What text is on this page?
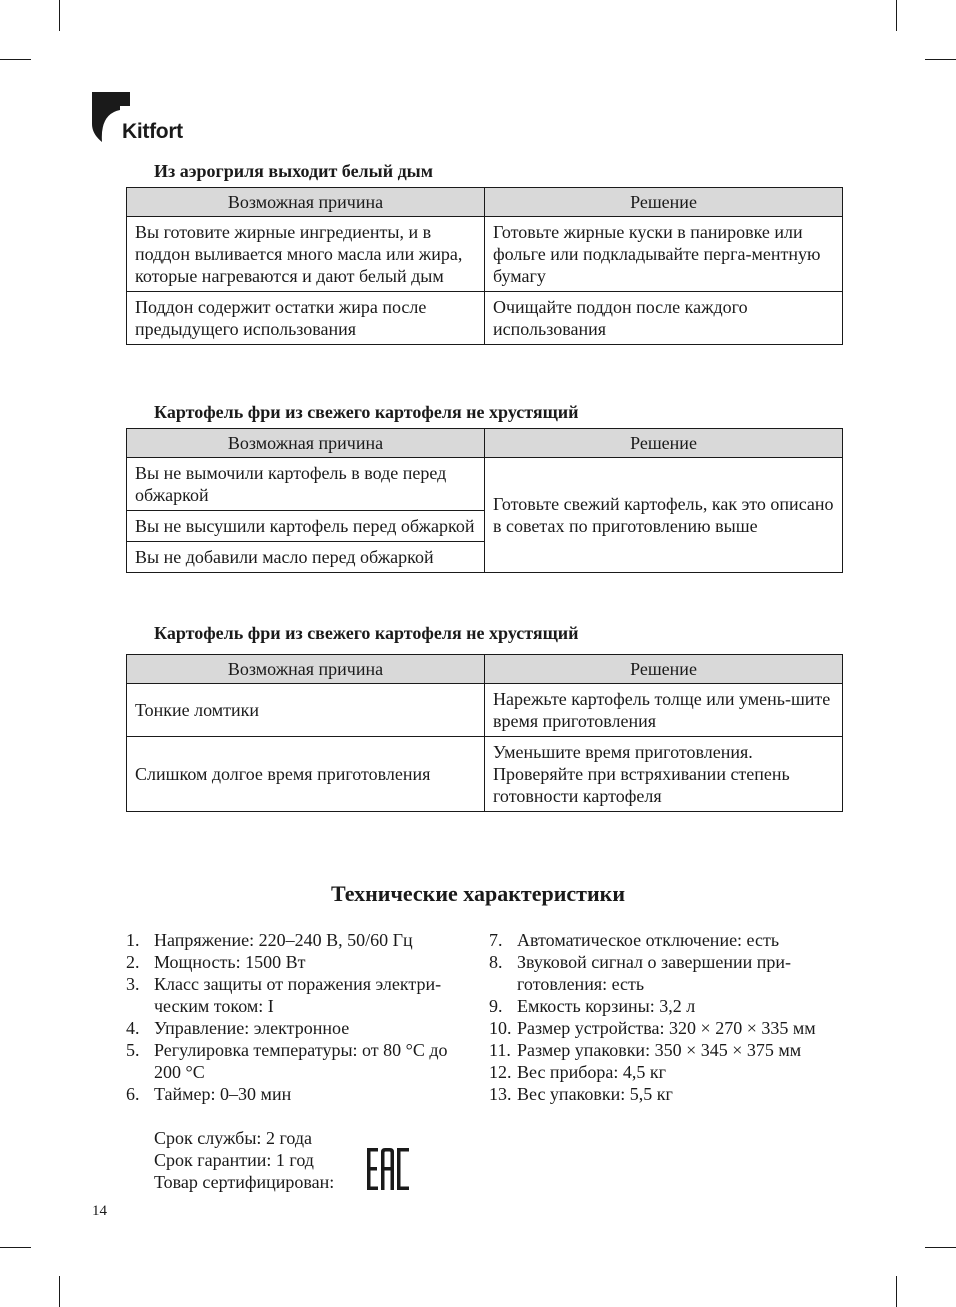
Kitfort
Из аэрогриля выходит белый дым
Возможная причина	Решение
Вы готовите жирные ингредиенты, и в поддон выливается много масла или жира, которые нагреваются и дают белый дым	Готовьте жирные куски в панировке или фольге или подкладывайте перга-ментную бумагу
Поддон содержит остатки жира после предыдущего использования	Очищайте поддон после каждого использования
Картофель фри из свежего картофеля не хрустящий
Возможная причина	Решение
Вы не вымочили картофель в воде перед обжаркой	Готовьте свежий картофель, как это описано в советах по приготовлению выше
Вы не высушили картофель перед обжаркой	
Вы не добавили масло перед обжаркой	
Картофель фри из свежего картофеля не хрустящий
Возможная причина	Решение
Тонкие ломтики	Нарежьте картофель толще или умень-шите время приготовления
Слишком долгое время приготовления	Уменьшите время приготовления. Проверяйте при встряхивании степень готовности картофеля
Технические характеристики
1. Напряжение: 220–240 В, 50/60 Гц
2. Мощность: 1500 Вт
3. Класс защиты от поражения электри-ческим током: I
4. Управление: электронное
5. Регулировка температуры: от 80 °С до 200 °С
6. Таймер: 0–30 мин
7. Автоматическое отключение: есть
8. Звуковой сигнал о завершении при-готовления: есть
9. Емкость корзины: 3,2 л
10. Размер устройства: 320 × 270 × 335 мм
11. Размер упаковки: 350 × 345 × 375 мм
12. Вес прибора: 4,5 кг
13. Вес упаковки: 5,5 кг
Срок службы: 2 года
Срок гарантии: 1 год
Товар сертифицирован:
14
